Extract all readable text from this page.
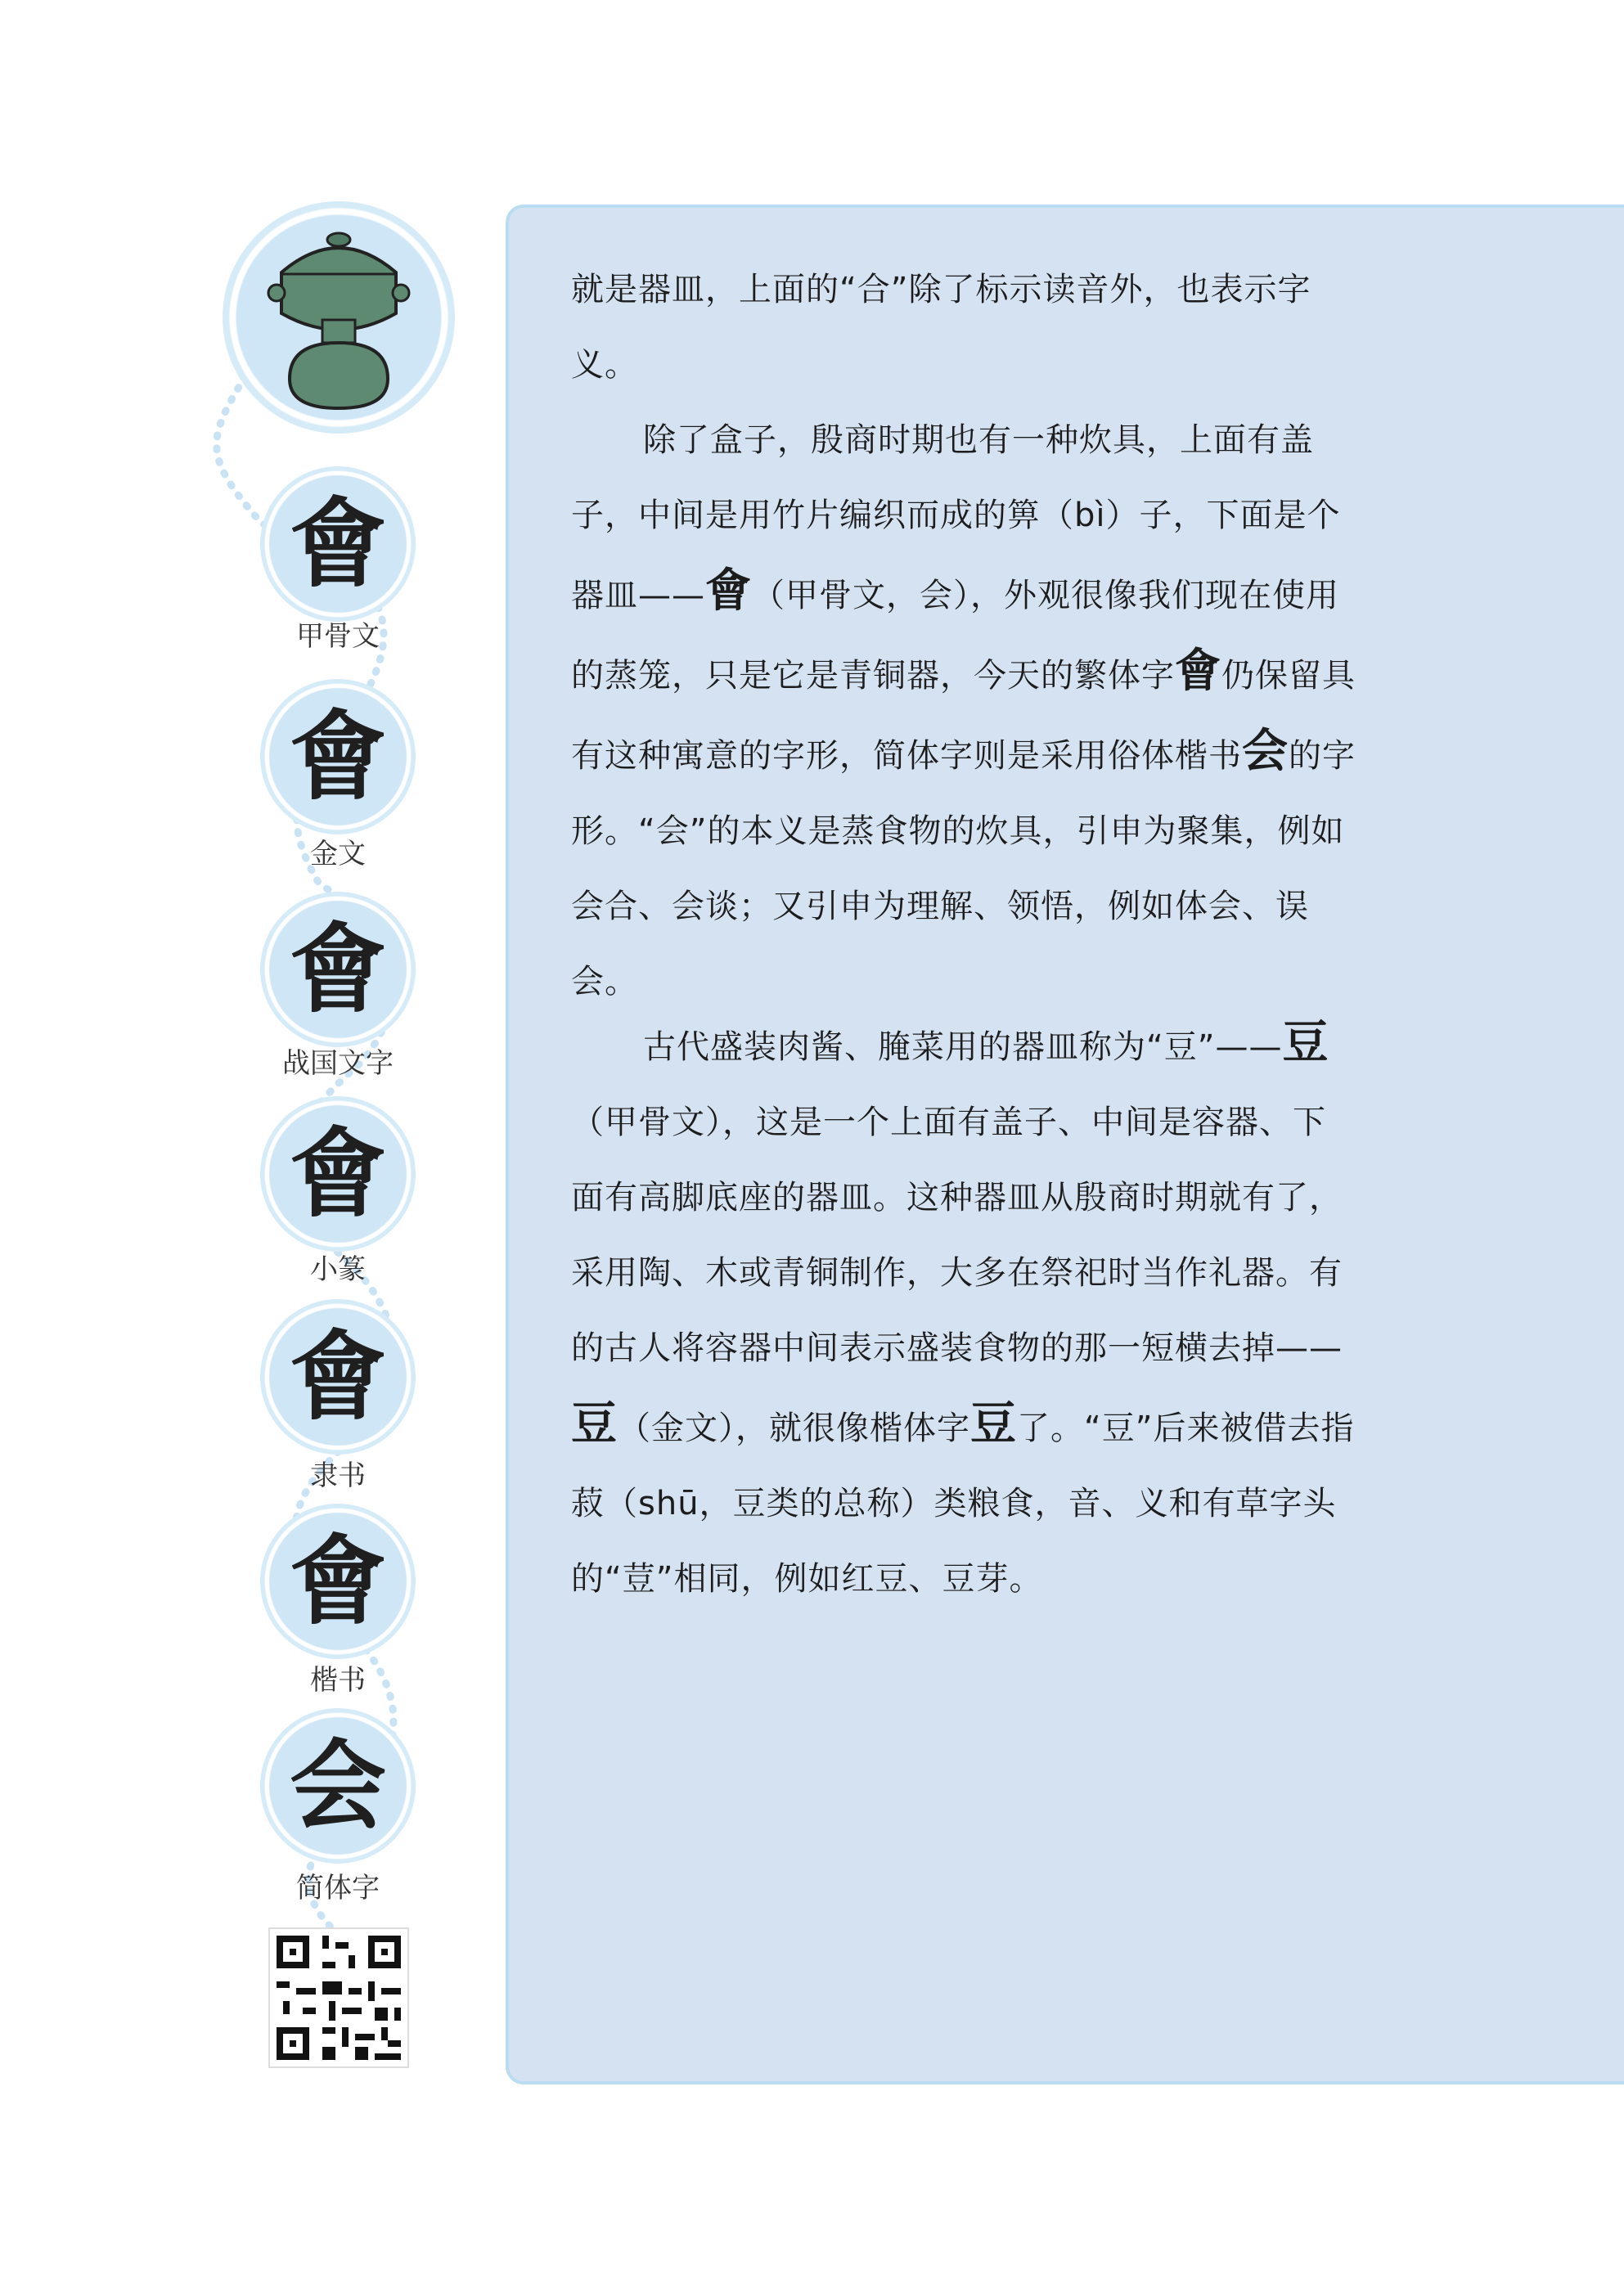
會
甲骨文
會
金文
會
战国文字
會
小篆
會
隶书
會
楷书
会
简体字

就是器皿，上面的“合”除了标示读音外，也表示字义。

除了盒子，殷商时期也有一种炊具，上面有盖子，中间是用竹片编织而成的箅（bì）子，下面是个器皿——會（甲骨文，会），外观很像我们现在使用的蒸笼，只是它是青铜器，今天的繁体字會仍保留具有这种寓意的字形，简体字则是采用俗体楷书会的字形。“会”的本义是蒸食物的炊具，引申为聚集，例如会合、会谈；又引申为理解、领悟，例如体会、误会。

古代盛装肉酱、腌菜用的器皿称为“豆”——豆（甲骨文），这是一个上面有盖子、中间是容器、下面有高脚底座的器皿。这种器皿从殷商时期就有了，采用陶、木或青铜制作，大多在祭祀时当作礼器。有的古人将容器中间表示盛装食物的那一短横去掉——豆（金文），就很像楷体字豆了。“豆”后来被借去指菽（shū，豆类的总称）类粮食，音、义和有草字头的“荳”相同，例如红豆、豆芽。
